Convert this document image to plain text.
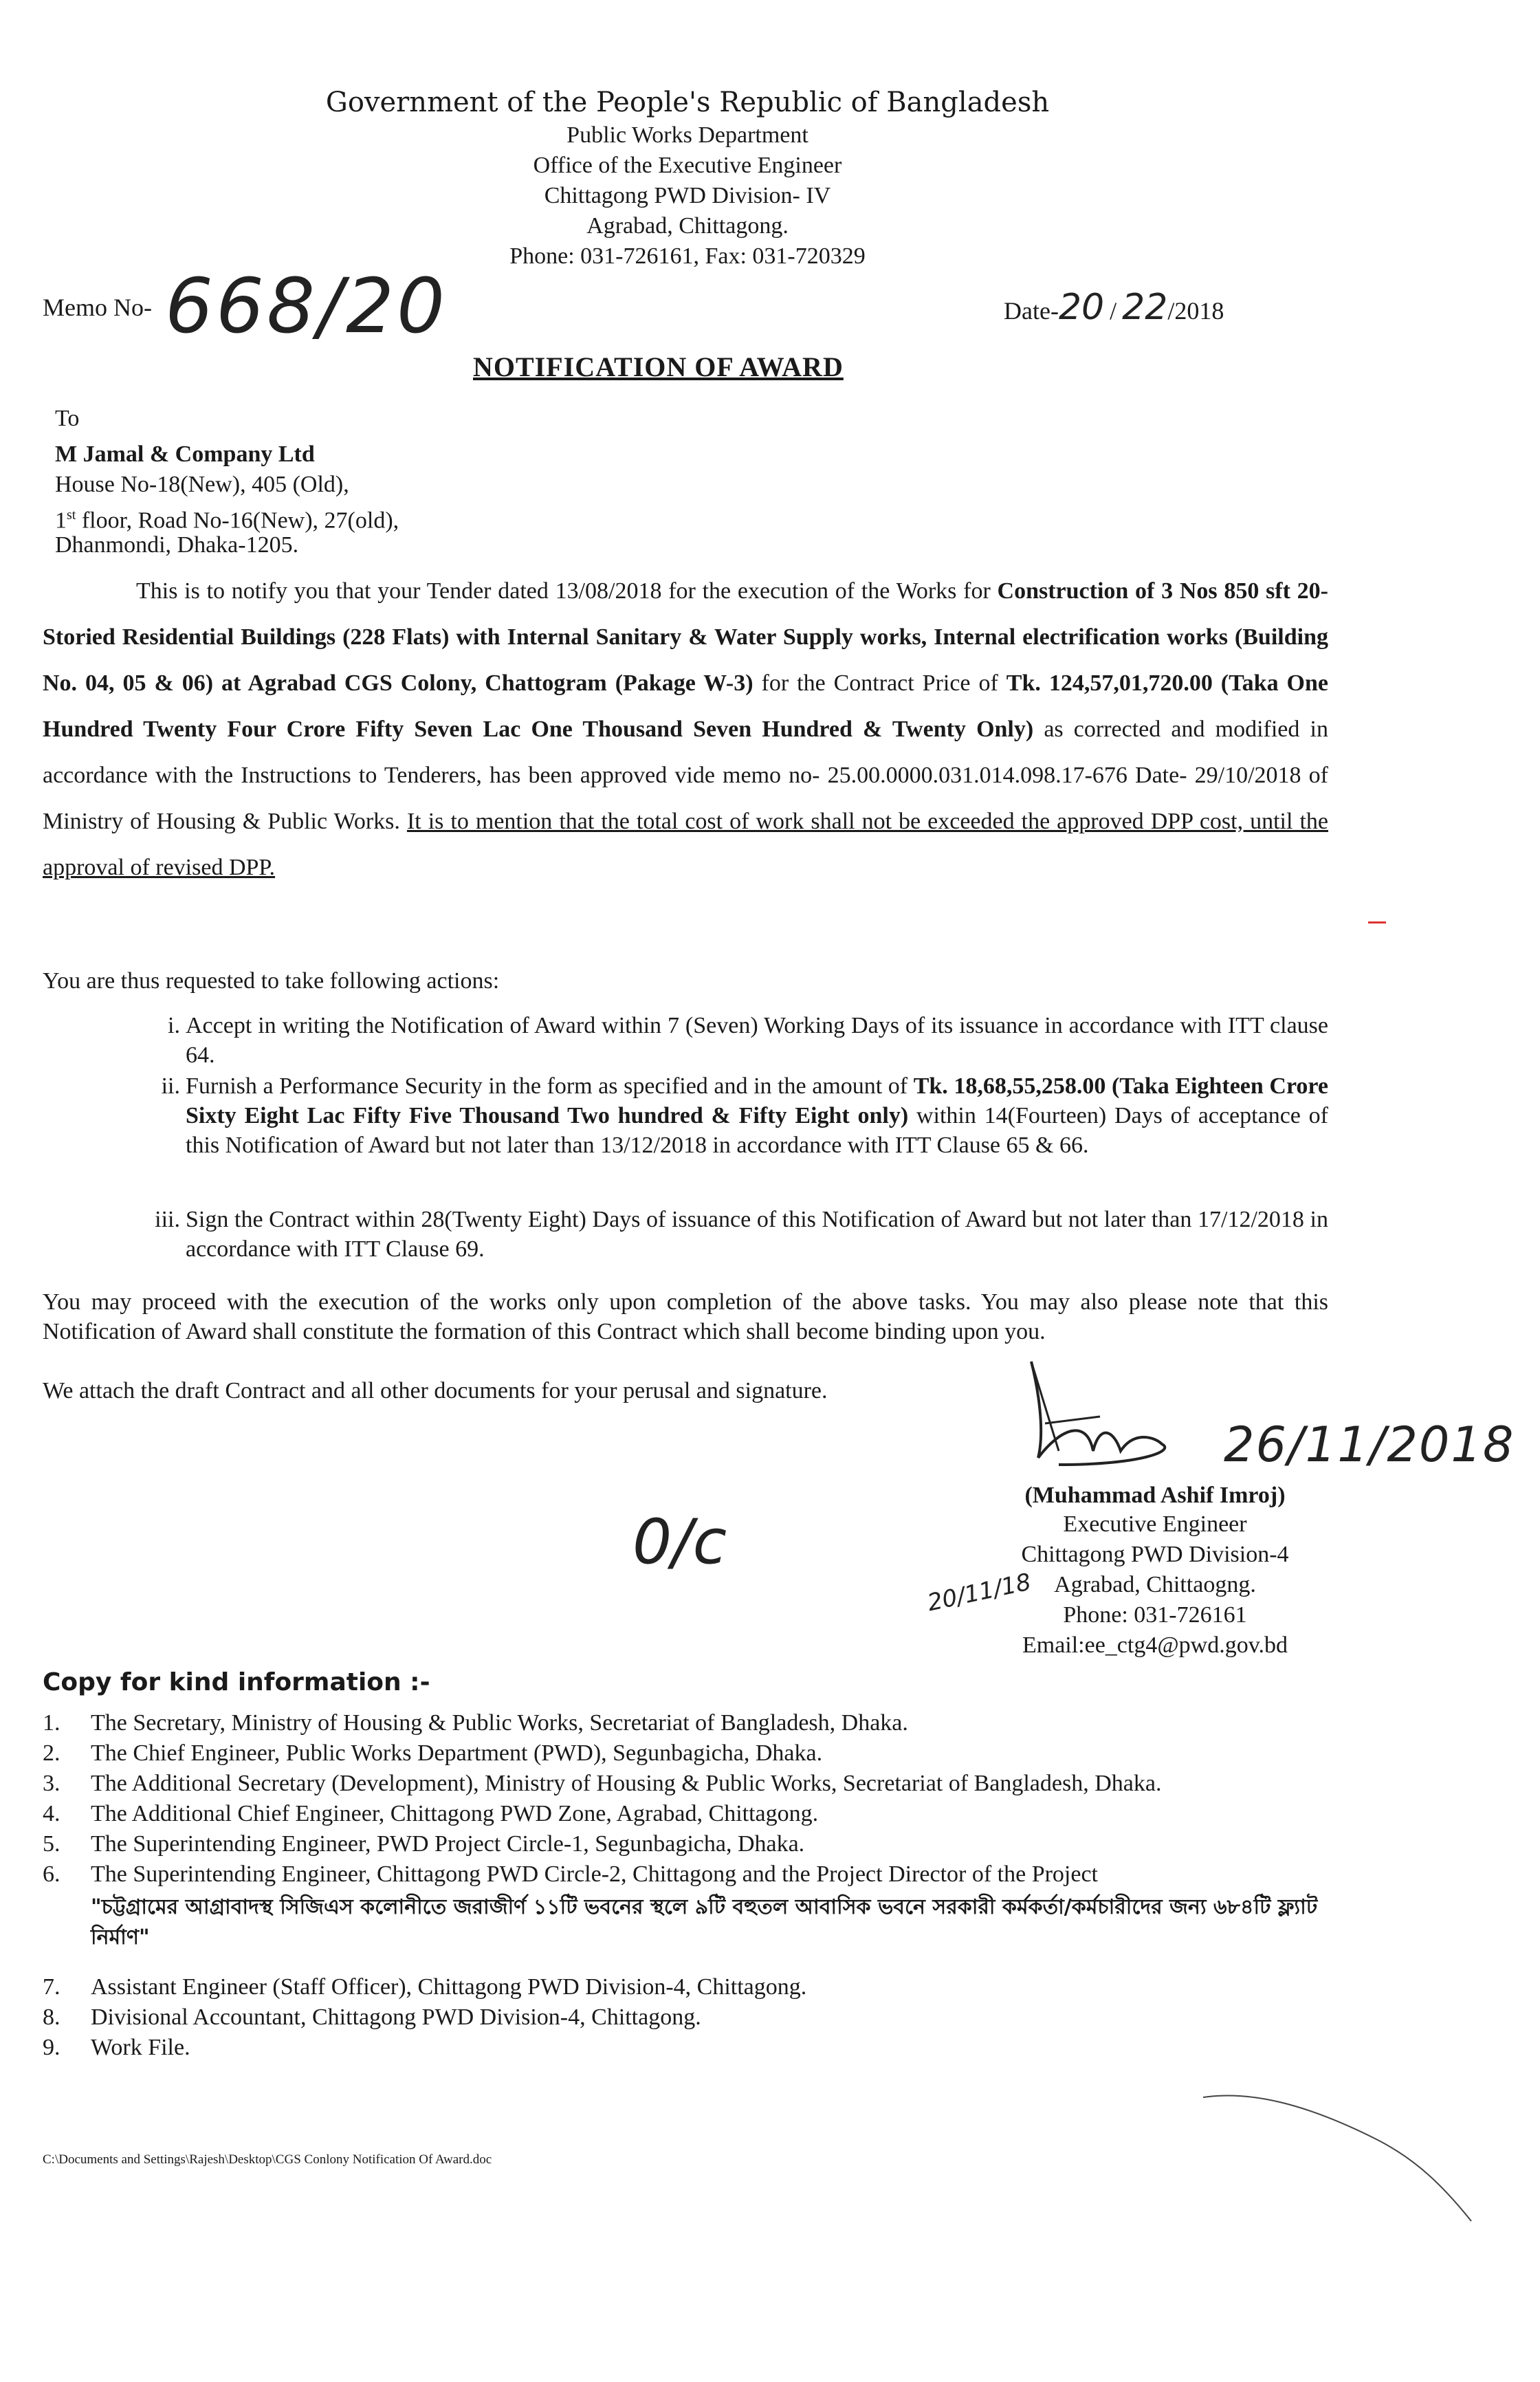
Government of the People's Republic of Bangladesh
Public Works Department
Office of the Executive Engineer
Chittagong PWD Division- IV
Agrabad, Chittagong.
Phone: 031-726161, Fax: 031-720329
Memo No- 668/20	Date-20 / 22/2018
NOTIFICATION OF AWARD
To
M Jamal & Company Ltd
House No-18(New), 405 (Old),
1st floor, Road No-16(New), 27(old),
Dhanmondi, Dhaka-1205.
This is to notify you that your Tender dated 13/08/2018 for the execution of the Works for Construction of 3 Nos 850 sft 20-Storied Residential Buildings (228 Flats) with Internal Sanitary & Water Supply works, Internal electrification works (Building No. 04, 05 & 06) at Agrabad CGS Colony, Chattogram (Pakage W-3) for the Contract Price of Tk. 124,57,01,720.00 (Taka One Hundred Twenty Four Crore Fifty Seven Lac One Thousand Seven Hundred & Twenty Only) as corrected and modified in accordance with the Instructions to Tenderers, has been approved vide memo no- 25.00.0000.031.014.098.17-676 Date- 29/10/2018 of Ministry of Housing & Public Works. It is to mention that the total cost of work shall not be exceeded the approved DPP cost, until the approval of revised DPP.
You are thus requested to take following actions:
i. Accept in writing the Notification of Award within 7 (Seven) Working Days of its issuance in accordance with ITT clause 64.
ii. Furnish a Performance Security in the form as specified and in the amount of Tk. 18,68,55,258.00 (Taka Eighteen Crore Sixty Eight Lac Fifty Five Thousand Two hundred & Fifty Eight only) within 14(Fourteen) Days of acceptance of this Notification of Award but not later than 13/12/2018 in accordance with ITT Clause 65 & 66.
iii. Sign the Contract within 28(Twenty Eight) Days of issuance of this Notification of Award but not later than 17/12/2018 in accordance with ITT Clause 69.
You may proceed with the execution of the works only upon completion of the above tasks. You may also please note that this Notification of Award shall constitute the formation of this Contract which shall become binding upon you.
We attach the draft Contract and all other documents for your perusal and signature.
26/11/2018
(Muhammad Ashif Imroj)
Executive Engineer
Chittagong PWD Division-4
Agrabad, Chittaogng.
Phone: 031-726161
Email:ee_ctg4@pwd.gov.bd
20/11/18
0/c
Copy for kind information :-
1. The Secretary, Ministry of Housing & Public Works, Secretariat of Bangladesh, Dhaka.
2. The Chief Engineer, Public Works Department (PWD), Segunbagicha, Dhaka.
3. The Additional Secretary (Development), Ministry of Housing & Public Works, Secretariat of Bangladesh, Dhaka.
4. The Additional Chief Engineer, Chittagong PWD Zone, Agrabad, Chittagong.
5. The Superintending Engineer, PWD Project Circle-1, Segunbagicha, Dhaka.
6. The Superintending Engineer, Chittagong PWD Circle-2, Chittagong and the Project Director of the Project
"চট্টগ্রামের আগ্রাবাদস্থ সিজিএস কলোনীতে জরাজীর্ণ ১১টি ভবনের স্থলে ৯টি বহুতল আবাসিক ভবনে সরকারী কর্মকর্তা/কর্মচারীদের জন্য ৬৮৪টি ফ্ল্যাট নির্মাণ"
7. Assistant Engineer (Staff Officer), Chittagong PWD Division-4, Chittagong.
8. Divisional Accountant, Chittagong PWD Division-4, Chittagong.
9. Work File.
C:\Documents and Settings\Rajesh\Desktop\CGS Conlony Notification Of Award.doc
